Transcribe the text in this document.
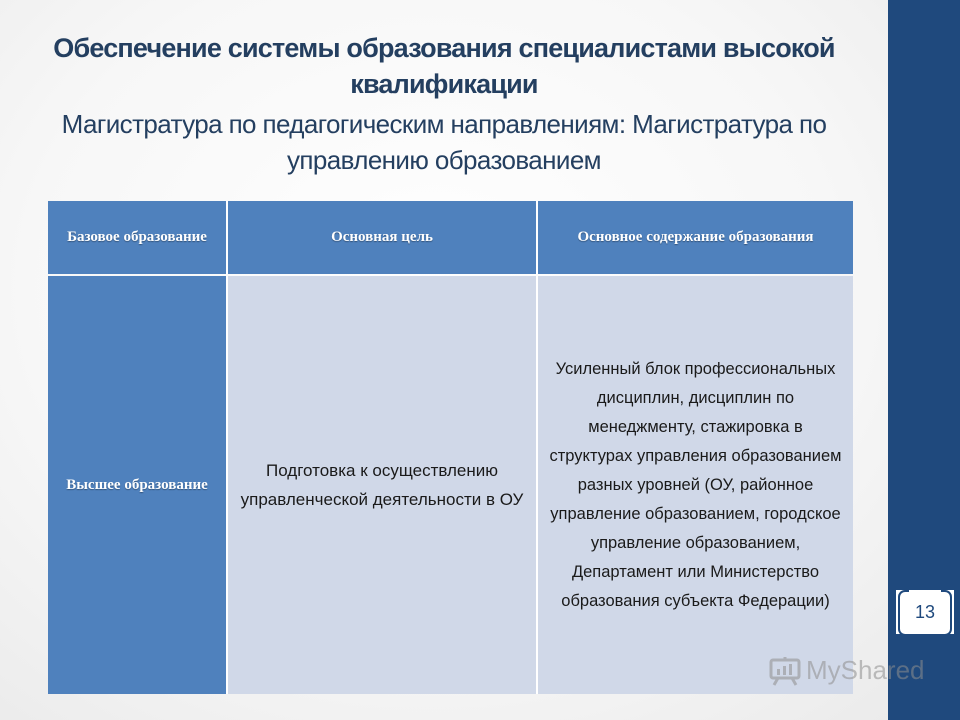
13
Обеспечение системы образования специалистами высокой квалификации
Магистратура по педагогическим направлениям: Магистратура по управлению образованием
Базовое образование	Основная цель	Основное содержание образования
Высшее образование
Подготовка к осуществлению управленческой деятельности в ОУ
Усиленный блок профессиональных дисциплин, дисциплин по менеджменту, стажировка в структурах управления образованием разных уровней (ОУ, районное управление образованием, городское управление образованием, Департамент или Министерство образования субъекта Федерации)
MyShared
